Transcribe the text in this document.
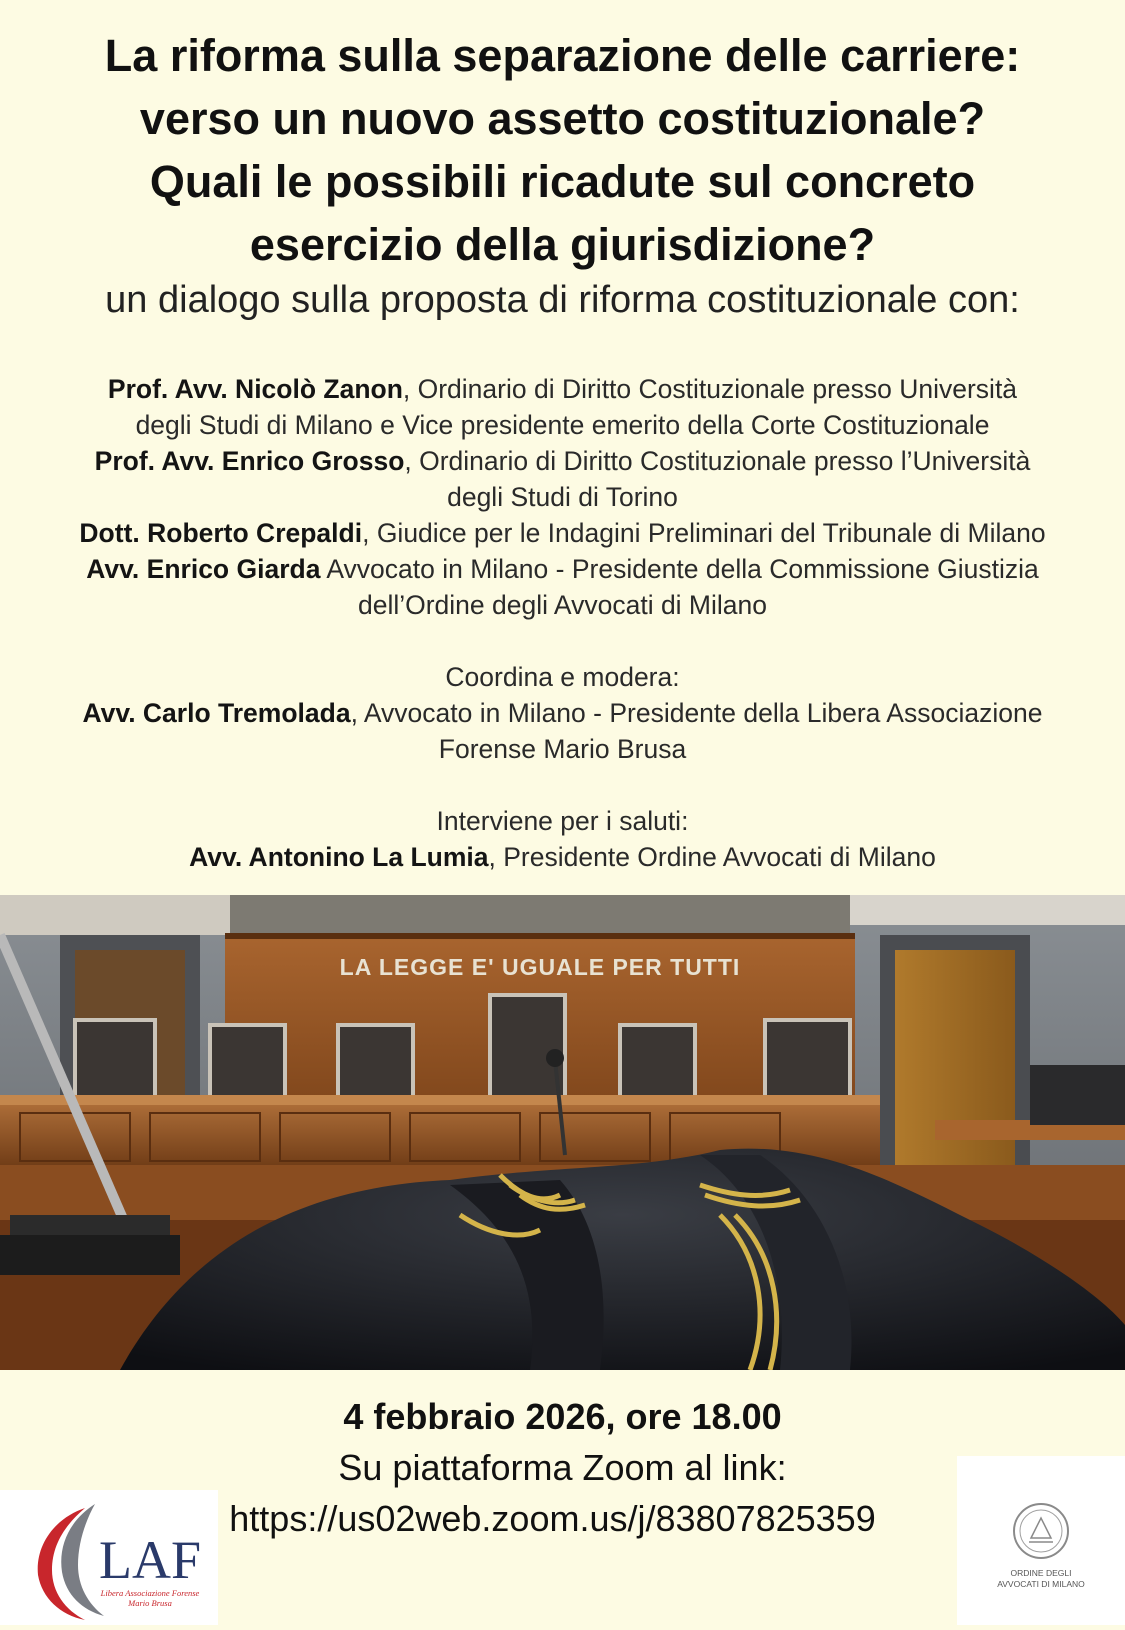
La riforma sulla separazione delle carriere:
verso un nuovo assetto costituzionale?
Quali le possibili ricadute sul concreto
esercizio della giurisdizione?
un dialogo sulla proposta di riforma costituzionale con:
Prof. Avv. Nicolò Zanon, Ordinario di Diritto Costituzionale presso Università
degli Studi di Milano e Vice presidente emerito della Corte Costituzionale
Prof. Avv. Enrico Grosso, Ordinario di Diritto Costituzionale presso l’Università
degli Studi di Torino
Dott. Roberto Crepaldi, Giudice per le Indagini Preliminari del Tribunale di Milano
Avv. Enrico Giarda Avvocato in Milano - Presidente della Commissione Giustizia
dell’Ordine degli Avvocati di Milano
Coordina e modera:
Avv. Carlo Tremolada, Avvocato in Milano - Presidente della Libera Associazione
Forense Mario Brusa
Interviene per i saluti:
Avv. Antonino La Lumia, Presidente Ordine Avvocati di Milano
LA LEGGE E' UGUALE PER TUTTI
4 febbraio 2026, ore 18.00
Su piattaforma Zoom al link:
https://us02web.zoom.us/j/83807825359
LAF
Libera Associazione Forense
Mario Brusa
ORDINE DEGLI
AVVOCATI DI MILANO
